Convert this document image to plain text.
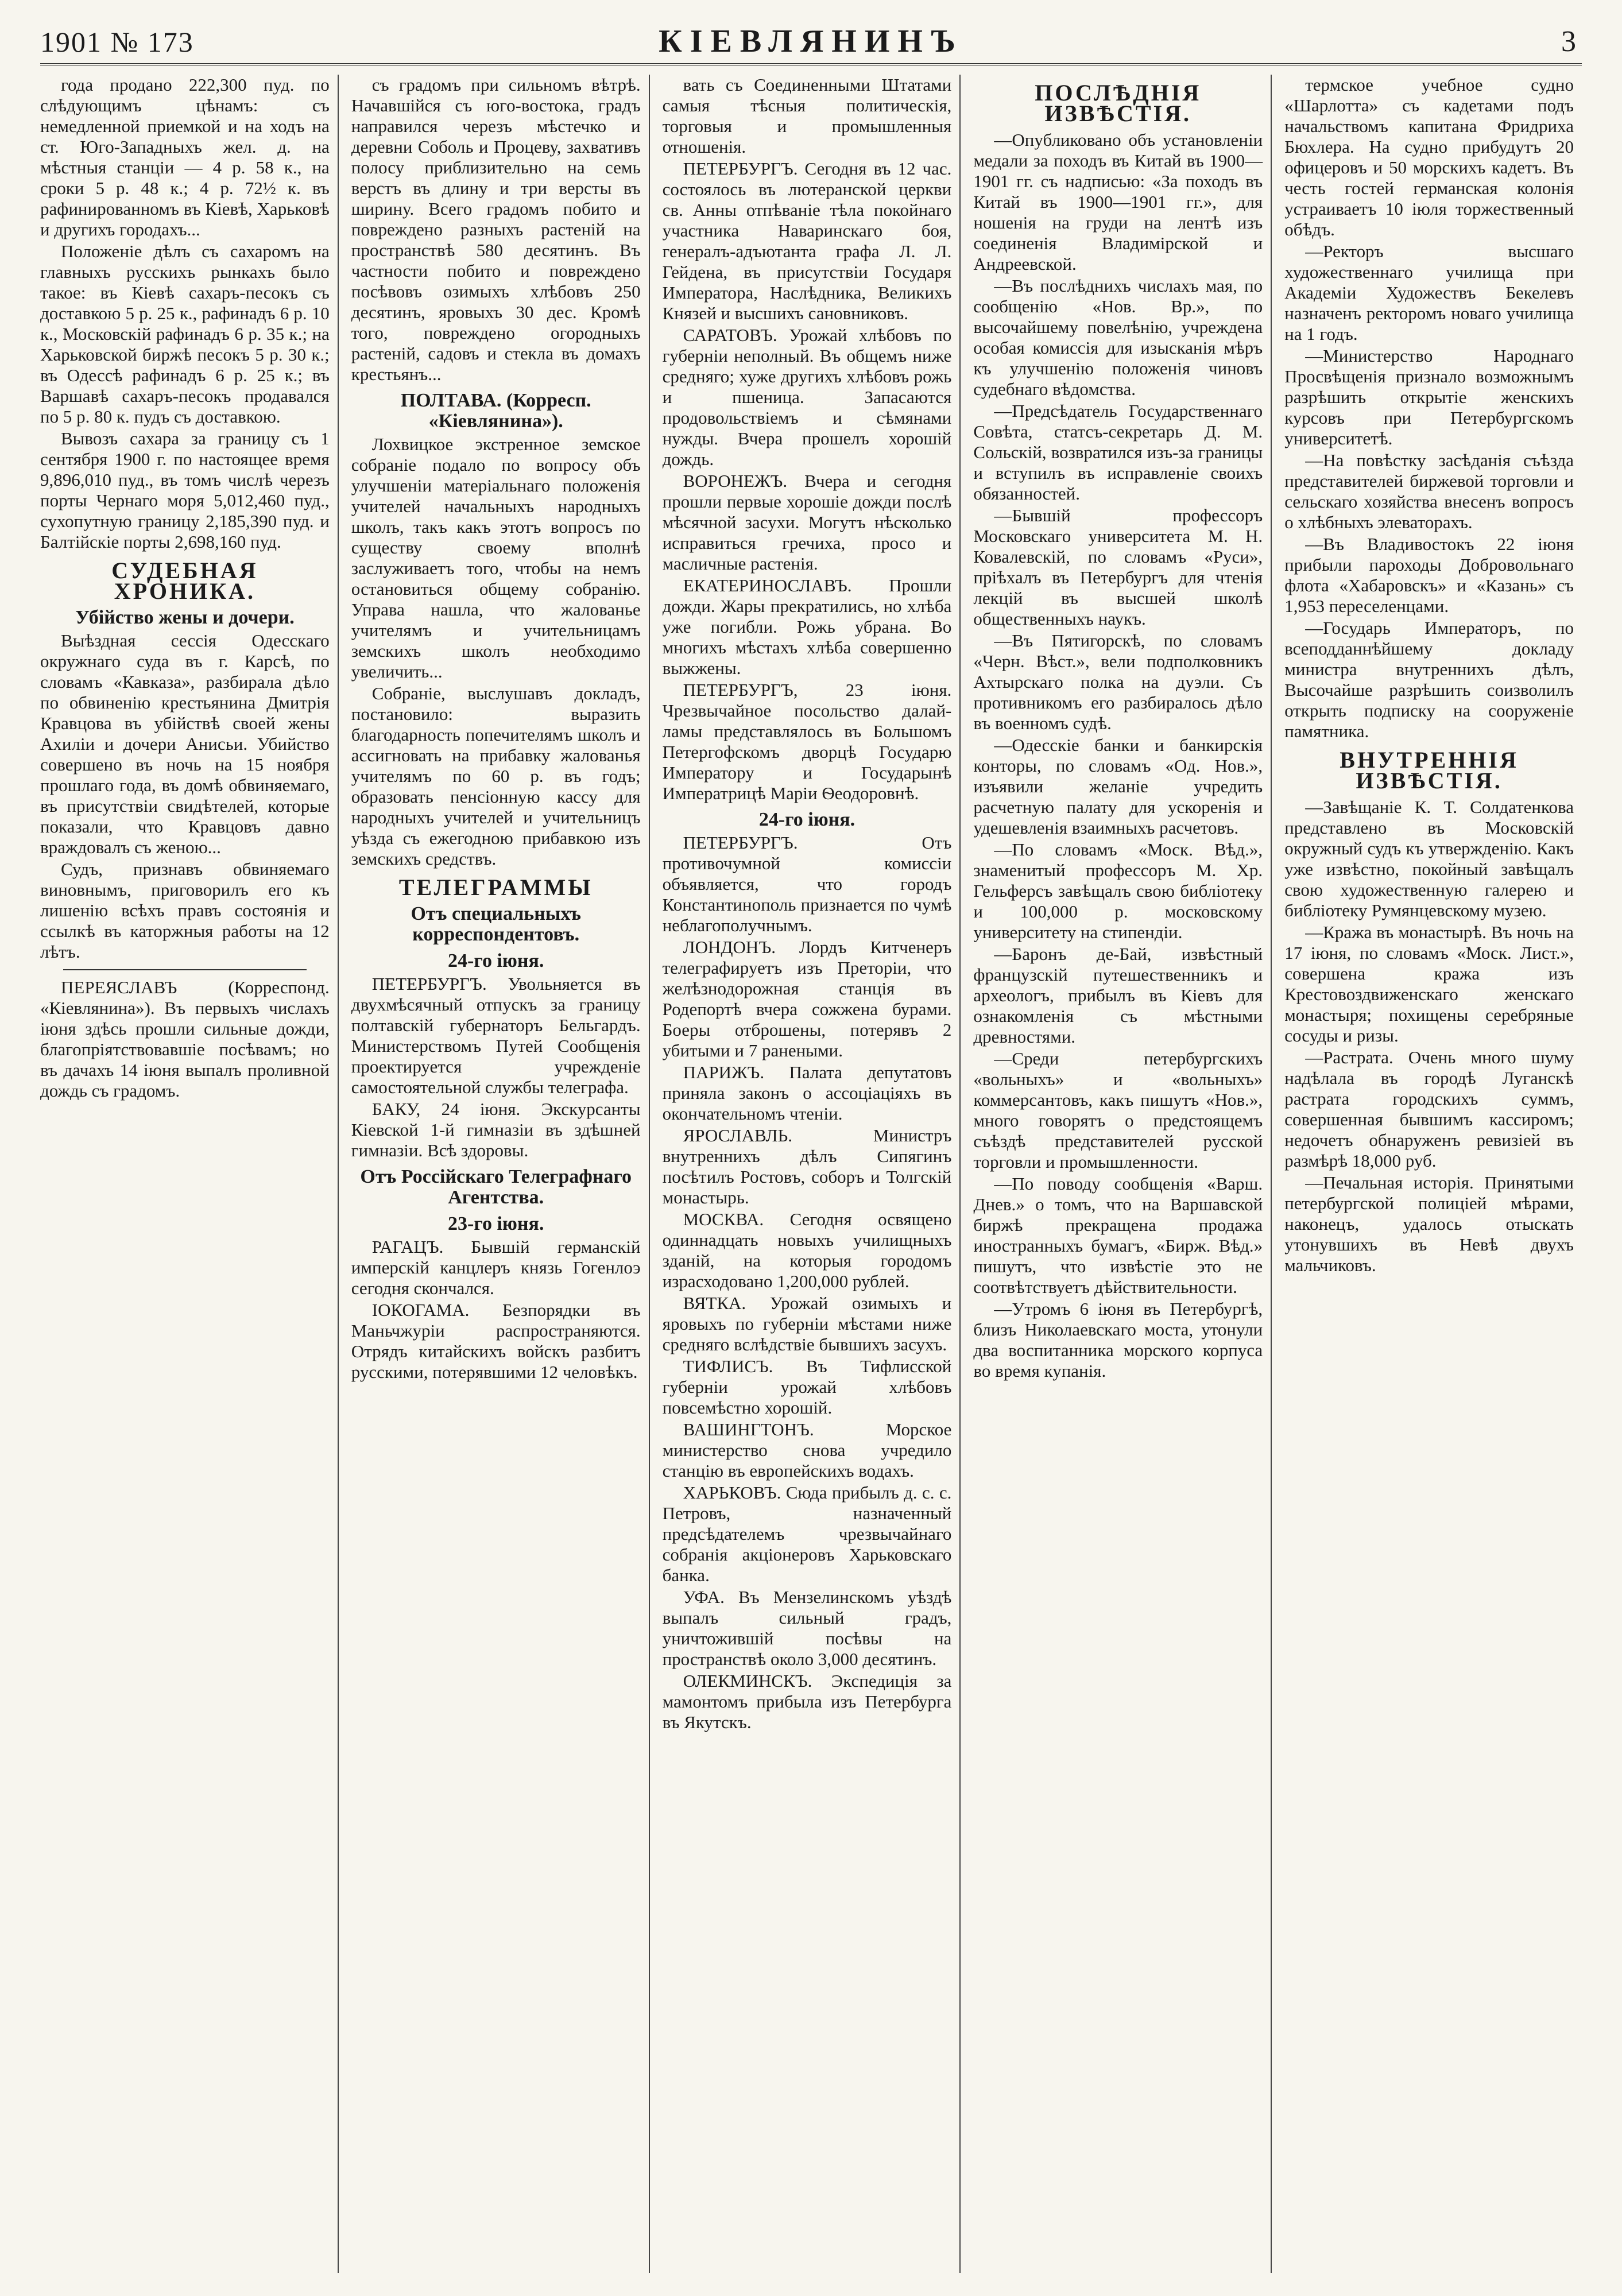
1901 № 173	КІЕВЛЯНИНЪ	3

года продано 222,300 пуд. по слѣдующимъ цѣнамъ: съ немедленной приемкой и на ходъ на ст. Юго-Западныхъ жел. д. на мѣстныя станціи — 4 р. 58 к., на сроки 5 р. 48 к.; 4 р. 72½ к. въ рафинированномъ въ Кіевѣ, Харьковѣ и другихъ городахъ...

Положеніе дѣлъ съ сахаромъ на главныхъ русскихъ рынкахъ было такое: въ Кіевѣ сахаръ-песокъ съ доставкою 5 р. 25 к., рафинадъ 6 р. 10 к., Московскій рафинадъ 6 р. 35 к.; на Харьковской биржѣ песокъ 5 р. 30 к.; въ Одессѣ рафинадъ 6 р. 25 к.; въ Варшавѣ сахаръ-песокъ продавался по 5 р. 80 к. пудъ съ доставкою.

Вывозъ сахара за границу съ 1 сентября 1900 г. по настоящее время 9,896,010 пуд., въ томъ числѣ черезъ порты Чернаго моря 5,012,460 пуд., сухопутную границу 2,185,390 пуд. и Балтійскіе порты 2,698,160 пуд.

СУДЕБНАЯ ХРОНИКА.
Убійство жены и дочери.

Выѣздная сессія Одесскаго окружнаго суда въ г. Карсѣ, по словамъ «Кавказа», разбирала дѣло по обвиненію крестьянина Дмитрія Кравцова въ убійствѣ своей жены Ахиліи и дочери Анисьи. Убийство совершено въ ночь на 15 ноября прошлаго года, въ домѣ обвиняемаго, въ присутствіи свидѣтелей, которые показали, что Кравцовъ давно враждовалъ съ женою...

Судъ, признавъ обвиняемаго виновнымъ, приговорилъ его къ лишенію всѣхъ правъ состоянія и ссылкѣ въ каторжныя работы на 12 лѣтъ.

ПЕРЕЯСЛАВЪ (Корреспонд. «Кіевлянина»). Въ первыхъ числахъ іюня здѣсь прошли сильные дожди, благопріятствовавшіе посѣвамъ; но въ дачахъ 14 іюня выпалъ проливной дождь съ градомъ.

съ градомъ при сильномъ вѣтрѣ. Начавшійся съ юго-востока, градъ направился черезъ мѣстечко и деревни Соболь и Процеву, захвативъ полосу приблизительно на семь верстъ въ длину и три версты въ ширину. Всего градомъ побито и повреждено разныхъ растеній на пространствѣ 580 десятинъ. Въ частности побито и повреждено посѣвовъ озимыхъ хлѣбовъ 250 десятинъ, яровыхъ 30 дес. Кромѣ того, повреждено огородныхъ растеній, садовъ и стекла въ домахъ крестьянъ...

ПОЛТАВА. (Корресп. «Кіевлянина»).

Лохвицкое экстренное земское собраніе подало по вопросу объ улучшеніи матеріальнаго положенія учителей начальныхъ народныхъ школъ, такъ какъ этотъ вопросъ по существу своему вполнѣ заслуживаетъ того, чтобы на немъ остановиться общему собранію. Управа нашла, что жалованье учителямъ и учительницамъ земскихъ школъ необходимо увеличить...

Собраніе, выслушавъ докладъ, постановило: выразить благодарность попечителямъ школъ и ассигновать на прибавку жалованья учителямъ по 60 р. въ годъ; образовать пенсіонную кассу для народныхъ учителей и учительницъ уѣзда съ ежегодною прибавкою изъ земскихъ средствъ.

ТЕЛЕГРАММЫ
Отъ специальныхъ корреспондентовъ.
24-го іюня.

ПЕТЕРБУРГЪ. Увольняется въ двухмѣсячный отпускъ за границу полтавскій губернаторъ Бельгардъ. Министерствомъ Путей Сообщенія проектируется учрежденіе самостоятельной службы телеграфа.

БАКУ, 24 іюня. Экскурсанты Кіевской 1-й гимназіи въ здѣшней гимназіи. Всѣ здоровы.

Отъ Россійскаго Телеграфнаго Агентства.
23-го іюня.

РАГАЦЪ. Бывшій германскій имперскій канцлеръ князь Гогенлоэ сегодня скончался.

ІОКОГАМА. Безпорядки въ Маньчжуріи распространяются. Отрядъ китайскихъ войскъ разбитъ русскими, потерявшими 12 человѣкъ.

вать съ Соединенными Штатами самыя тѣсныя политическія, торговыя и промышленныя отношенія.

ПЕТЕРБУРГЪ. Сегодня въ 12 час. состоялось въ лютеранской церкви св. Анны отпѣваніе тѣла покойнаго участника Наваринскаго боя, генералъ-адъютанта графа Л. Л. Гейдена, въ присутствіи Государя Императора, Наслѣдника, Великихъ Князей и высшихъ сановниковъ.

САРАТОВЪ. Урожай хлѣбовъ по губерніи неполный. Въ общемъ ниже средняго; хуже другихъ хлѣбовъ рожь и пшеница. Запасаются продовольствіемъ и сѣмянами нужды. Вчера прошелъ хорошій дождь.

ВОРОНЕЖЪ. Вчера и сегодня прошли первые хорошіе дожди послѣ мѣсячной засухи. Могутъ нѣсколько исправиться гречиха, просо и масличные растенія.

ЕКАТЕРИНОСЛАВЪ. Прошли дожди. Жары прекратились, но хлѣба уже погибли. Рожь убрана. Во многихъ мѣстахъ хлѣба совершенно выжжены.

ПЕТЕРБУРГЪ, 23 іюня. Чрезвычайное посольство далай-ламы представлялось въ Большомъ Петергофскомъ дворцѣ Государю Императору и Государынѣ Императрицѣ Маріи Ѳеодоровнѣ.

24-го іюня.

ПЕТЕРБУРГЪ. Отъ противочумной комиссіи объявляется, что городъ Константинополь признается по чумѣ неблагополучнымъ.

ЛОНДОНЪ. Лордъ Китченеръ телеграфируетъ изъ Преторіи, что желѣзнодорожная станція въ Родепортѣ вчера сожжена бурами. Боеры отброшены, потерявъ 2 убитыми и 7 ранеными.

ПАРИЖЪ. Палата депутатовъ приняла законъ о ассоціаціяхъ въ окончательномъ чтеніи.

ЯРОСЛАВЛЬ. Министръ внутреннихъ дѣлъ Сипягинъ посѣтилъ Ростовъ, соборъ и Толгскій монастырь.

МОСКВА. Сегодня освящено одиннадцать новыхъ училищныхъ зданій, на которыя городомъ израсходовано 1,200,000 рублей.

ВЯТКА. Урожай озимыхъ и яровыхъ по губерніи мѣстами ниже средняго вслѣдствіе бывшихъ засухъ.

ТИФЛИСЪ. Въ Тифлисской губерніи урожай хлѣбовъ повсемѣстно хорошій.

ВАШИНГТОНЪ. Морское министерство снова учредило станцію въ европейскихъ водахъ.

ХАРЬКОВЪ. Сюда прибылъ д. с. с. Петровъ, назначенный предсѣдателемъ чрезвычайнаго собранія акціонеровъ Харьковскаго банка.

УФА. Въ Мензелинскомъ уѣздѣ выпалъ сильный градъ, уничтожившій посѣвы на пространствѣ около 3,000 десятинъ.

ОЛЕКМИНСКЪ. Экспедиція за мамонтомъ прибыла изъ Петербурга въ Якутскъ.

ПОСЛѢДНІЯ ИЗВѢСТІЯ.

—Опубликовано объ установленіи медали за походъ въ Китай въ 1900—1901 гг. съ надписью: «За походъ въ Китай въ 1900—1901 гг.», для ношенія на груди на лентѣ изъ соединенія Владимірской и Андреевской.

—Въ послѣднихъ числахъ мая, по сообщенію «Нов. Вр.», по высочайшему повелѣнію, учреждена особая комиссія для изысканія мѣръ къ улучшенію положенія чиновъ судебнаго вѣдомства.

—Предсѣдатель Государственнаго Совѣта, статсъ-секретарь Д. М. Сольскій, возвратился изъ-за границы и вступилъ въ исправленіе своихъ обязанностей.

—Бывшій профессоръ Московскаго университета М. Н. Ковалевскій, по словамъ «Руси», пріѣхалъ въ Петербургъ для чтенія лекцій въ высшей школѣ общественныхъ наукъ.

—Въ Пятигорскѣ, по словамъ «Черн. Вѣст.», вели подполковникъ Ахтырскаго полка на дуэли. Съ противникомъ его разбиралось дѣло въ военномъ судѣ.

—Одесскіе банки и банкирскія конторы, по словамъ «Од. Нов.», изъявили желаніе учредить расчетную палату для ускоренія и удешевленія взаимныхъ расчетовъ.

—По словамъ «Моск. Вѣд.», знаменитый профессоръ М. Хр. Гельферсъ завѣщалъ свою библіотеку и 100,000 р. московскому университету на стипендіи.

—Баронъ де-Бай, извѣстный французскій путешественникъ и археологъ, прибылъ въ Кіевъ для ознакомленія съ мѣстными древностями.

—Среди петербургскихъ «вольныхъ» и «вольныхъ» коммерсантовъ, какъ пишутъ «Нов.», много говорятъ о предстоящемъ съѣздѣ представителей русской торговли и промышленности.

—По поводу сообщенія «Варш. Днев.» о томъ, что на Варшавской биржѣ прекращена продажа иностранныхъ бумагъ, «Бирж. Вѣд.» пишутъ, что извѣстіе это не соотвѣтствуетъ дѣйствительности.

—Утромъ 6 іюня въ Петербургѣ, близъ Николаевскаго моста, утонули два воспитанника морского корпуса во время купанія.

термское учебное судно «Шарлотта» съ кадетами подъ начальствомъ капитана Фридриха Бюхлера. На судно прибудутъ 20 офицеровъ и 50 морскихъ кадетъ. Въ честь гостей германская колонія устраиваетъ 10 іюля торжественный обѣдъ.

—Ректоръ высшаго художественнаго училища при Академіи Художествъ Бекелевъ назначенъ ректоромъ новаго училища на 1 годъ.

—Министерство Народнаго Просвѣщенія признало возможнымъ разрѣшить открытіе женскихъ курсовъ при Петербургскомъ университетѣ.

—На повѣстку засѣданія съѣзда представителей биржевой торговли и сельскаго хозяйства внесенъ вопросъ о хлѣбныхъ элеваторахъ.

—Въ Владивостокъ 22 іюня прибыли пароходы Добровольнаго флота «Хабаровскъ» и «Казань» съ 1,953 переселенцами.

—Государь Императоръ, по всеподданнѣйшему докладу министра внутреннихъ дѣлъ, Высочайше разрѣшить соизволилъ открыть подписку на сооруженіе памятника.

ВНУТРЕННІЯ ИЗВѢСТІЯ.

—Завѣщаніе К. Т. Солдатенкова представлено въ Московскій окружный судъ къ утвержденію. Какъ уже извѣстно, покойный завѣщалъ свою художественную галерею и библіотеку Румянцевскому музею.

—Кража въ монастырѣ. Въ ночь на 17 іюня, по словамъ «Моск. Лист.», совершена кража изъ Крестовоздвиженскаго женскаго монастыря; похищены серебряные сосуды и ризы.

—Растрата. Очень много шуму надѣлала въ городѣ Луганскѣ растрата городскихъ суммъ, совершенная бывшимъ кассиромъ; недочетъ обнаруженъ ревизіей въ размѣрѣ 18,000 руб.

—Печальная исторія. Принятыми петербургской полиціей мѣрами, наконецъ, удалось отыскать утонувшихъ въ Невѣ двухъ мальчиковъ.
